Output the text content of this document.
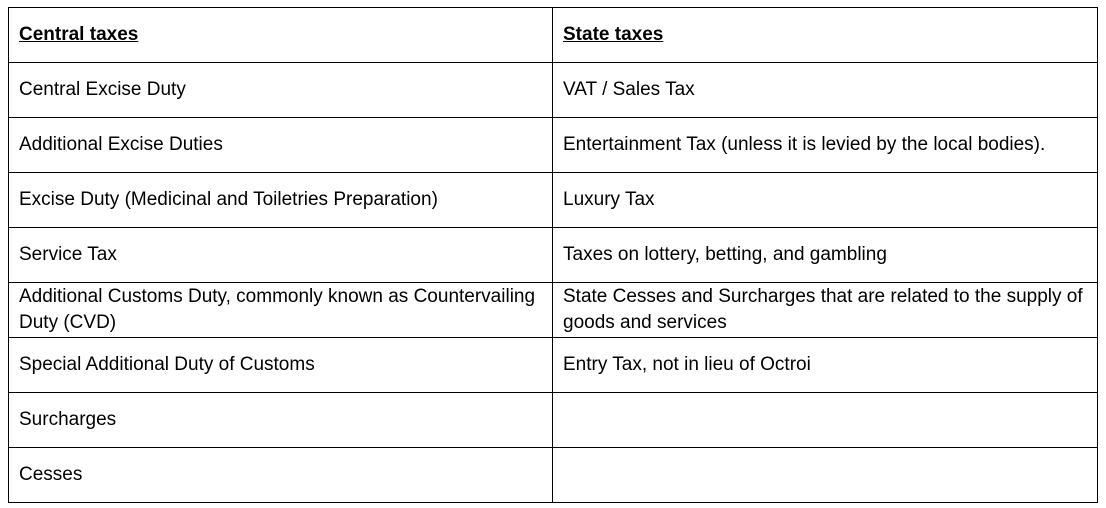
Central taxes	State taxes
Central Excise Duty	VAT / Sales Tax
Additional Excise Duties	Entertainment Tax (unless it is levied by the local bodies).
Excise Duty (Medicinal and Toiletries Preparation)	Luxury Tax
Service Tax	Taxes on lottery, betting, and gambling
Additional Customs Duty, commonly known as Countervailing Duty (CVD)	State Cesses and Surcharges that are related to the supply of goods and services
Special Additional Duty of Customs	Entry Tax, not in lieu of Octroi
Surcharges	
Cesses	
